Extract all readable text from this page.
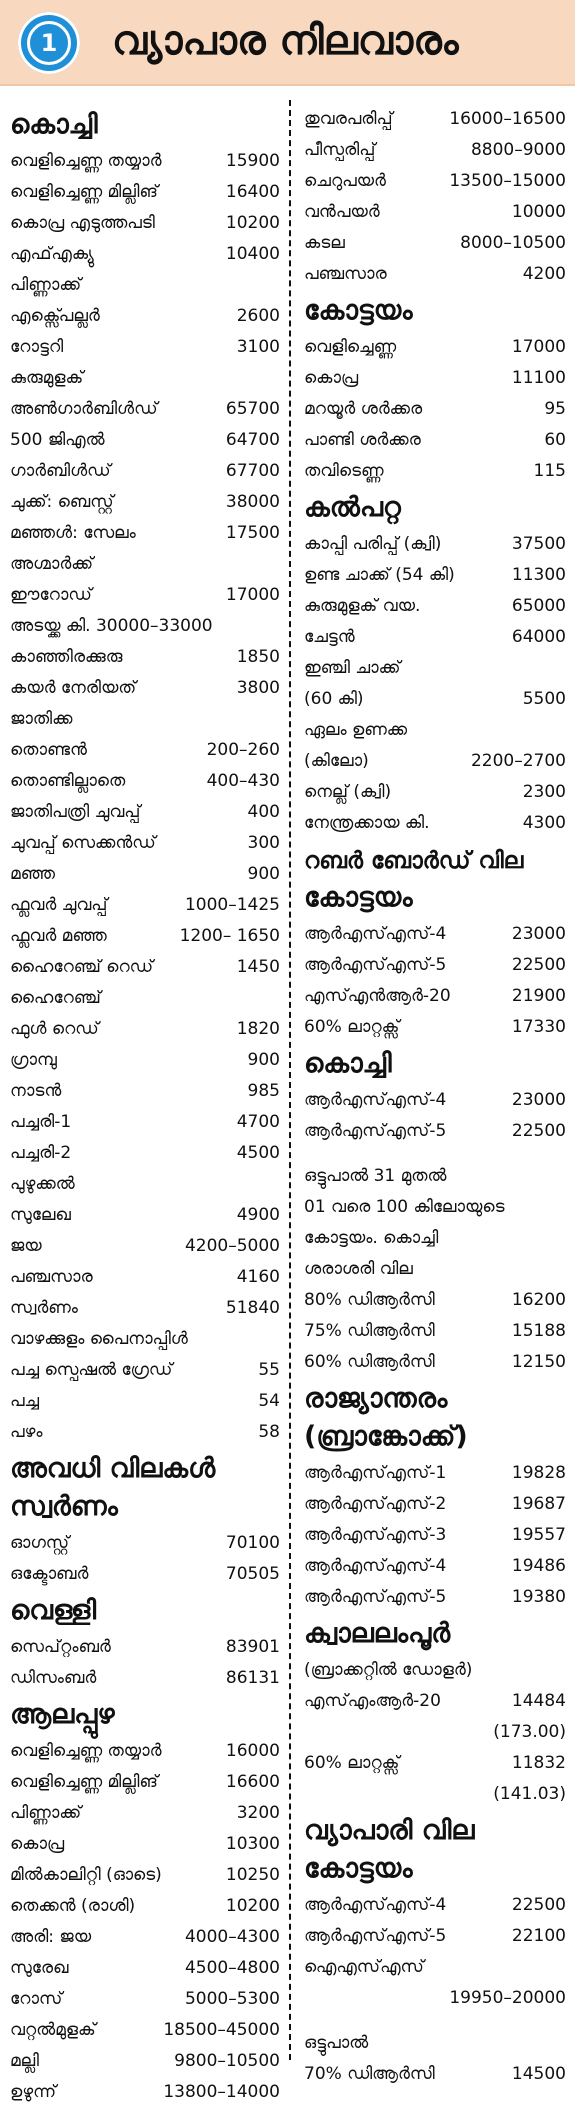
1	വ്യാപാര നിലവാരം
കൊച്ചി
വെളിച്ചെണ്ണ തയ്യാർ	15900
വെളിച്ചെണ്ണ മില്ലിങ്	16400
കൊപ്ര എടുത്തപടി	10200
എഫ്എക്യു	10400
പിണ്ണാക്ക്
എക്സ്പെല്ലർ	2600
റോട്ടറി	3100
കുരുമുളക്
അൺഗാർബിൾഡ്	65700
500 ജിഎൽ	64700
ഗാർബിൾഡ്	67700
ചുക്ക്: ബെസ്റ്റ്	38000
മഞ്ഞൾ: സേലം	17500
അഗ്മാർക്ക്
ഈറോഡ്	17000
അടയ്ക്ക കി. 30000–33000
കാഞ്ഞിരക്കുരു	1850
കയർ നേരിയത്	3800
ജാതിക്ക
തൊണ്ടൻ	200–260
തൊണ്ടില്ലാതെ	400–430
ജാതിപത്രി ചുവപ്പ്	400
ചുവപ്പ് സെക്കൻഡ്	300
മഞ്ഞ	900
ഫ്ലവർ ചുവപ്പ്	1000–1425
ഫ്ലവർ മഞ്ഞ	1200– 1650
ഹൈറേഞ്ച് റെഡ്	1450
ഹൈറേഞ്ച്
ഫുൾ റെഡ്	1820
ഗ്രാമ്പു	900
നാടൻ	985
പച്ചരി-1	4700
പച്ചരി-2	4500
പുഴുക്കൽ
സുലേഖ	4900
ജയ	4200–5000
പഞ്ചസാര	4160
സ്വർണം	51840
വാഴക്കുളം പൈനാപ്പിൾ
പച്ച സ്പെഷൽ ഗ്രേഡ്	55
പച്ച	54
പഴം	58
അവധി വിലകൾ
സ്വർണം
ഓഗസ്റ്റ്	70100
ഒക്ടോബർ	70505
വെള്ളി
സെപ്റ്റംബർ	83901
ഡിസംബർ	86131
ആലപ്പുഴ
വെളിച്ചെണ്ണ തയ്യാർ	16000
വെളിച്ചെണ്ണ മില്ലിങ്	16600
പിണ്ണാക്ക്	3200
കൊപ്ര	10300
മിൽകാലിറ്റി (ഓടെ)	10250
തെക്കൻ (രാശി)	10200
അരി: ജയ	4000–4300
സുരേഖ	4500–4800
റോസ്	5000–5300
വറ്റൽമുളക്	18500–45000
മല്ലി	9800–10500
ഉഴുന്ന്	13800–14000
തുവരപരിപ്പ്	16000–16500
പീസ്പരിപ്പ്	8800–9000
ചെറുപയർ	13500–15000
വൻപയർ	10000
കടല	8000–10500
പഞ്ചസാര	4200
കോട്ടയം
വെളിച്ചെണ്ണ	17000
കൊപ്ര	11100
മറയൂർ ശർക്കര	95
പാണ്ടി ശർക്കര	60
തവിടെണ്ണ	115
കൽപറ്റ
കാപ്പി പരിപ്പ് (ക്വി)	37500
ഉണ്ട ചാക്ക് (54 കി)	11300
കുരുമുളക് വയ.	65000
ചേട്ടൻ	64000
ഇഞ്ചി ചാക്ക്
(60 കി)	5500
ഏലം ഉണക്ക
(കിലോ)	2200–2700
നെല്ല് (ക്വി)	2300
നേന്ത്രക്കായ കി.	4300
റബർ ബോർഡ് വില
കോട്ടയം
ആർഎസ്എസ്-4	23000
ആർഎസ്എസ്-5	22500
എസ്എൻആർ-20	21900
60% ലാറ്റക്സ്	17330
കൊച്ചി
ആർഎസ്എസ്-4	23000
ആർഎസ്എസ്-5	22500
ഒട്ടുപാൽ 31 മുതൽ
01 വരെ 100 കിലോയുടെ
കോട്ടയം. കൊച്ചി
ശരാശരി വില
80% ഡിആർസി	16200
75% ഡിആർസി	15188
60% ഡിആർസി	12150
രാജ്യാന്തരം
(ബ്രാങ്കോക്ക്)
ആർഎസ്എസ്-1	19828
ആർഎസ്എസ്-2	19687
ആർഎസ്എസ്-3	19557
ആർഎസ്എസ്-4	19486
ആർഎസ്എസ്-5	19380
ക്വാലലംപൂർ
(ബ്രാക്കറ്റിൽ ഡോളർ)
എസ്എംആർ-20	14484
(173.00)
60% ലാറ്റക്സ്	11832
(141.03)
വ്യാപാരി വില
കോട്ടയം
ആർഎസ്എസ്-4	22500
ആർഎസ്എസ്-5	22100
ഐഎസ്എസ്
19950–20000
ഒട്ടുപാൽ
70% ഡിആർസി	14500
